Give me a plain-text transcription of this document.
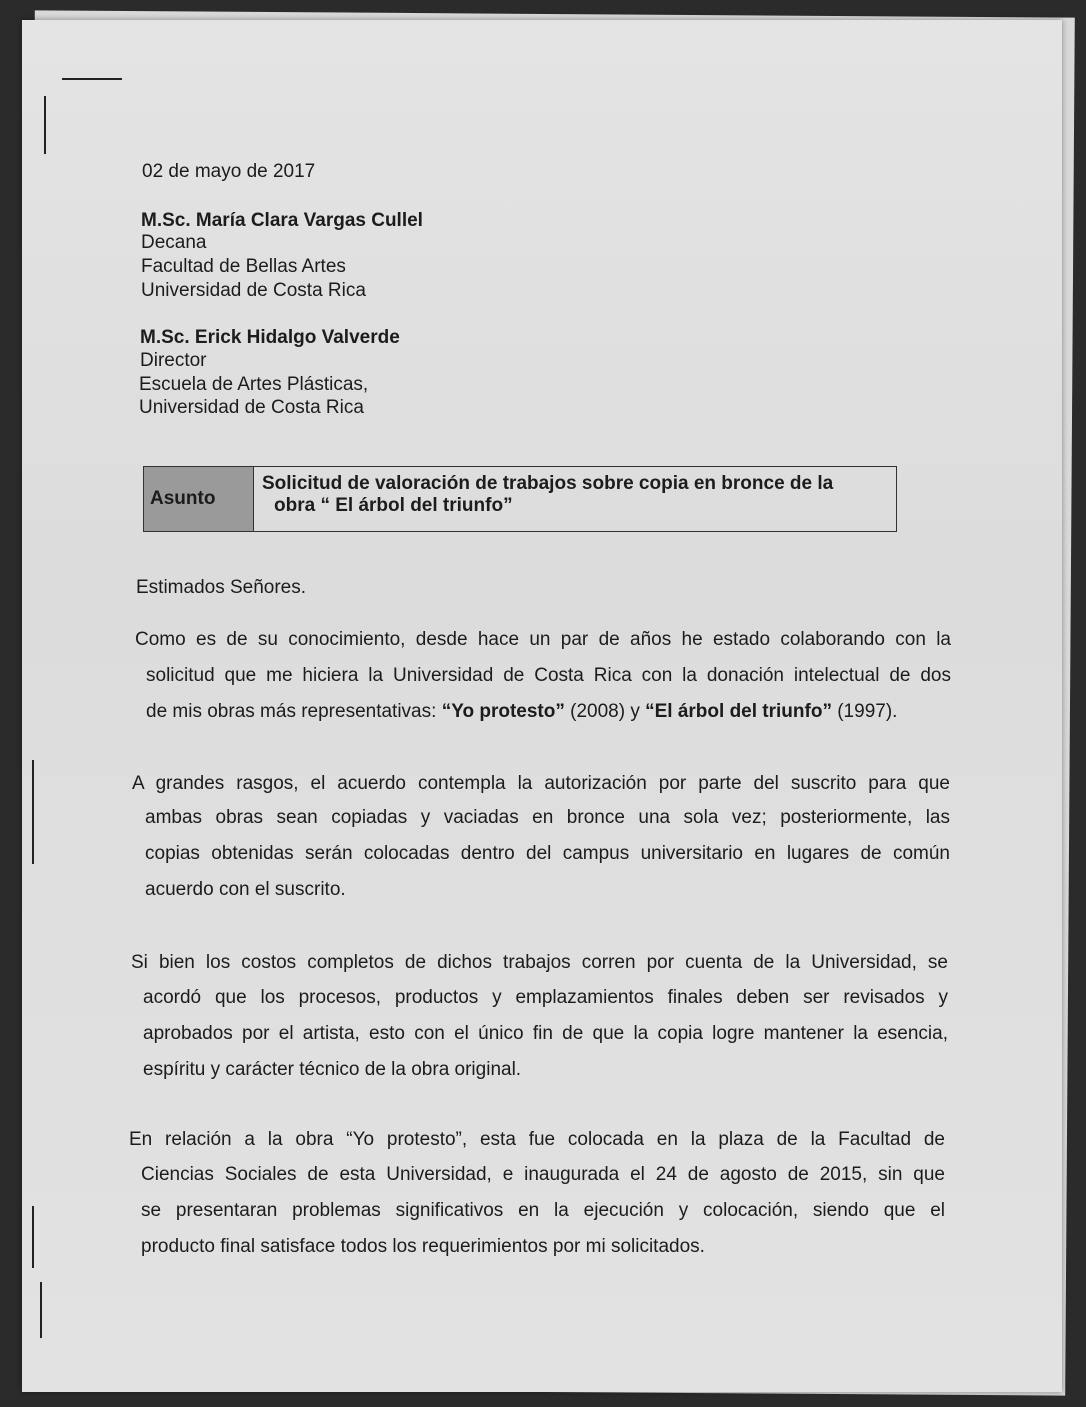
02 de mayo de 2017
M.Sc. María Clara Vargas Cullel
Decana
Facultad de Bellas Artes
Universidad de Costa Rica
M.Sc. Erick Hidalgo Valverde
Director
Escuela de Artes Plásticas,
Universidad de Costa Rica
Asunto
Solicitud de valoración de trabajos sobre copia en bronce de la
obra “ El árbol del triunfo”
Estimados Señores.
Como es de su conocimiento, desde hace un par de años he estado colaborando con la
solicitud que me hiciera la Universidad de Costa Rica con la donación intelectual de dos
de mis obras más representativas: “Yo protesto” (2008) y “El árbol del triunfo” (1997).
A grandes rasgos, el acuerdo contempla la autorización por parte del suscrito para que
ambas obras sean copiadas y vaciadas en bronce una sola vez; posteriormente, las
copias obtenidas serán colocadas dentro del campus universitario en lugares de común
acuerdo con el suscrito.
Si bien los costos completos de dichos trabajos corren por cuenta de la Universidad, se
acordó que los procesos, productos y emplazamientos finales deben ser revisados y
aprobados por el artista, esto con el único fin de que la copia logre mantener la esencia,
espíritu y carácter técnico de la obra original.
En relación a la obra “Yo protesto”, esta fue colocada en la plaza de la Facultad de
Ciencias Sociales de esta Universidad, e inaugurada el 24 de agosto de 2015, sin que
se presentaran problemas significativos en la ejecución y colocación, siendo que el
producto final satisface todos los requerimientos por mi solicitados.
